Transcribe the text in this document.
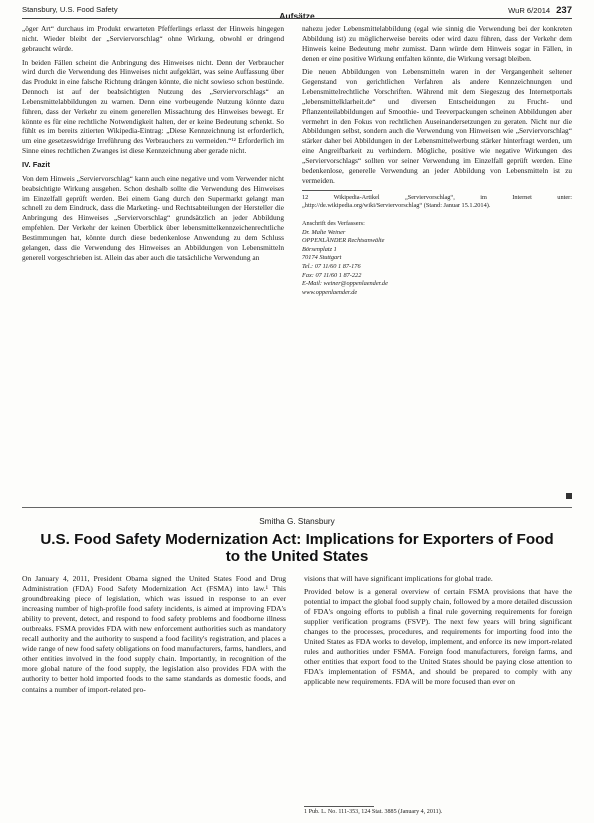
Stansbury, U.S. Food Safety
Aufsätze
WuR 6/2014 237

„öger Art“ durchaus im Produkt erwarteten Pfefferlings erlasst der Hinweis hingegen nicht. Wieder bleibt der „Serviervorschlag“ ohne Wirkung, obwohl er dringend gebraucht würde.

In beiden Fällen scheint die Anbringung des Hinweises nicht. Denn der Verbraucher wird durch die Verwendung des Hinweises nicht aufgeklärt, was seine Auffassung über das Produkt in eine falsche Richtung drängen könnte, die nicht sowieso schon bestünde. Dennoch ist auf der beabsichtigten Nutzung des „Serviervorschlags“ an Lebensmittelabbildungen zu warnen. Denn eine vorbeugende Nutzung könnte dazu führen, dass der Verkehr zu einem generellen Missachtung des Hinweises bewegt. Er könnte es für eine rechtliche Notwendigkeit halten, der er keine Bedeutung schenkt. So fühlt es im bereits zitierten Wikipedia-Eintrag: „Diese Kennzeichnung ist erforderlich, um eine gesetzeswidrige Irreführung des Verbrauchers zu vermeiden.“¹² Erforderlich im Sinne eines rechtlichen Zwanges ist diese Kennzeichnung aber gerade nicht.

IV. Fazit

Von dem Hinweis „Serviervorschlag“ kann auch eine negative und vom Verwender nicht beabsichtigte Wirkung ausgehen. Schon deshalb sollte die Verwendung des Hinweises im Einzelfall geprüft werden. Bei einem Gang durch den Supermarkt gelangt man schnell zu dem Eindruck, dass die Marketing- und Rechtsabteilungen der Hersteller die Anbringung des Hinweises „Serviervorschlag“ grundsätzlich an jeder Abbildung empfehlen. Der Verkehr der keinen Überblick über lebensmittelkennzeichenrechtliche Bestimmungen hat, könnte durch diese bedenkenlose Anwendung zu dem Schluss gelangen, dass die Verwendung des Hinweises an Abbildungen von Lebensmitteln generell vorgeschrieben ist. Allein das aber auch die tatsächliche Verwendung an

nahezu jeder Lebensmittelabbildung (egal wie sinnig die Verwendung bei der konkreten Abbildung ist) zu möglicherweise bereits oder wird dazu führen, dass der Verkehr dem Hinweis keine Bedeutung mehr zumisst. Dann würde dem Hinweis sogar in Fällen, in denen er eine positive Wirkung entfalten könnte, die Wirkung versagt bleiben.

Die neuen Abbildungen von Lebensmitteln waren in der Vergangenheit seltener Gegenstand von gerichtlichen Verfahren als andere Kennzeichnungen und Lebensmittelrechtliche Vorschriften. Während mit dem Siegeszug des Internetportals „lebensmittelklarheit.de“ und diversen Entscheidungen zu Frucht- und Pflanzenteilabbildungen auf Smoothie- und Teeverpackungen scheinen Abbildungen aber vermehrt in den Fokus von rechtlichen Auseinandersetzungen zu geraten. Nicht nur die Abbildungen selbst, sondern auch die Verwendung von Hinweisen wie „Serviervorschlag“ stärker daher bei Abbildungen in der Lebensmittelwerbung stärker hinterfragt werden, um eine Angreifbarkeit zu verhindern. Mögliche, positive wie negative Wirkungen des „Serviervorschlags“ sollten vor seiner Verwendung im Einzelfall geprüft werden. Eine bedenkenlose, generelle Verwendung an jeder Abbildung von Lebensmitteln ist zu vermeiden.

12 Wikipedia-Artikel „Serviervorschlag“, im Internet unter: „http://de.wikipedia.org/wiki/Serviervorschlag“ (Stand: Januar 15.1.2014).
Anschrift des Verfassers:
Dr. Malte Weiner
OPPENLÄNDER Rechtsanwälte
Börsenplatz 1
70174 Stuttgart
Tel.: 07 11/60 1 87-176
Fax: 07 11/60 1 87-222
E-Mail: weiner@oppenlaender.de
www.oppenlaender.de
Smitha G. Stansbury
U.S. Food Safety Modernization Act: Implications for Exporters of Food to the United States

On January 4, 2011, President Obama signed the United States Food and Drug Administration (FDA) Food Safety Modernization Act (FSMA) into law.¹ This groundbreaking piece of legislation, which was issued in response to an ever increasing number of high-profile food safety incidents, is aimed at improving FDA's ability to prevent, detect, and respond to food safety problems and foodborne illness outbreaks. FSMA provides FDA with new enforcement authorities such as mandatory recall authority and the authority to suspend a food facility's registration, and places a wide range of new food safety obligations on food manufacturers, farms, handlers, and other entities involved in the food supply chain. Importantly, in recognition of the more global nature of the food supply, the legislation also provides FDA with the authority to better hold imported foods to the same standards as domestic foods, and contains a number of import-related pro-

visions that will have significant implications for global trade.

Provided below is a general overview of certain FSMA provisions that have the potential to impact the global food supply chain, followed by a more detailed discussion of FDA's ongoing efforts to publish a final rule governing requirements for foreign supplier verification programs (FSVP). The next few years will bring significant changes to the processes, procedures, and requirements for importing food into the United States as FDA works to develop, implement, and enforce its new import-related rules and authorities under FSMA. Foreign food manufacturers, foreign farms, and other entities that export food to the United States should be paying close attention to FDA's implementation of FSMA, and should be prepared to comply with any applicable new requirements. FDA will be more focused than ever on

1 Pub. L. No. 111-353, 124 Stat. 3885 (January 4, 2011).
